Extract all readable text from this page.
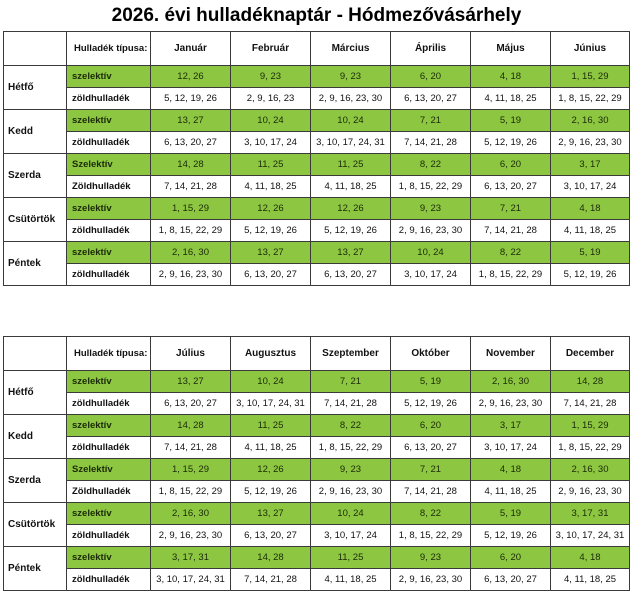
2026. évi hulladéknaptár - Hódmezővásárhely
	Hulladék típusa:	Január	Február	Március	Április	Május	Június
Hétfő	szelektív	12, 26	9, 23	9, 23	6, 20	4, 18	1, 15, 29
	zöldhulladék	5, 12, 19, 26	2, 9, 16, 23	2, 9, 16, 23, 30	6, 13, 20, 27	4, 11, 18, 25	1, 8, 15, 22, 29
Kedd	szelektív	13, 27	10, 24	10, 24	7, 21	5, 19	2, 16, 30
	zöldhulladék	6, 13, 20, 27	3, 10, 17, 24	3, 10, 17, 24, 31	7, 14, 21, 28	5, 12, 19, 26	2, 9, 16, 23, 30
Szerda	Szelektív	14, 28	11, 25	11, 25	8, 22	6, 20	3, 17
	Zöldhulladék	7, 14, 21, 28	4, 11, 18, 25	4, 11, 18, 25	1, 8, 15, 22, 29	6, 13, 20, 27	3, 10, 17, 24
Csütörtök	szelektív	1, 15, 29	12, 26	12, 26	9, 23	7, 21	4, 18
	zöldhulladék	1, 8, 15, 22, 29	5, 12, 19, 26	5, 12, 19, 26	2, 9, 16, 23, 30	7, 14, 21, 28	4, 11, 18, 25
Péntek	szelektív	2, 16, 30	13, 27	13, 27	10, 24	8, 22	5, 19
	zöldhulladék	2, 9, 16, 23, 30	6, 13, 20, 27	6, 13, 20, 27	3, 10, 17, 24	1, 8, 15, 22, 29	5, 12, 19, 26
	Hulladék típusa:	Július	Augusztus	Szeptember	Október	November	December
Hétfő	szelektív	13, 27	10, 24	7, 21	5, 19	2, 16, 30	14, 28
	zöldhulladék	6, 13, 20, 27	3, 10, 17, 24, 31	7, 14, 21, 28	5, 12, 19, 26	2, 9, 16, 23, 30	7, 14, 21, 28
Kedd	szelektív	14, 28	11, 25	8, 22	6, 20	3, 17	1, 15, 29
	zöldhulladék	7, 14, 21, 28	4, 11, 18, 25	1, 8, 15, 22, 29	6, 13, 20, 27	3, 10, 17, 24	1, 8, 15, 22, 29
Szerda	Szelektív	1, 15, 29	12, 26	9, 23	7, 21	4, 18	2, 16, 30
	Zöldhulladék	1, 8, 15, 22, 29	5, 12, 19, 26	2, 9, 16, 23, 30	7, 14, 21, 28	4, 11, 18, 25	2, 9, 16, 23, 30
Csütörtök	szelektív	2, 16, 30	13, 27	10, 24	8, 22	5, 19	3, 17, 31
	zöldhulladék	2, 9, 16, 23, 30	6, 13, 20, 27	3, 10, 17, 24	1, 8, 15, 22, 29	5, 12, 19, 26	3, 10, 17, 24, 31
Péntek	szelektív	3, 17, 31	14, 28	11, 25	9, 23	6, 20	4, 18
	zöldhulladék	3, 10, 17, 24, 31	7, 14, 21, 28	4, 11, 18, 25	2, 9, 16, 23, 30	6, 13, 20, 27	4, 11, 18, 25
